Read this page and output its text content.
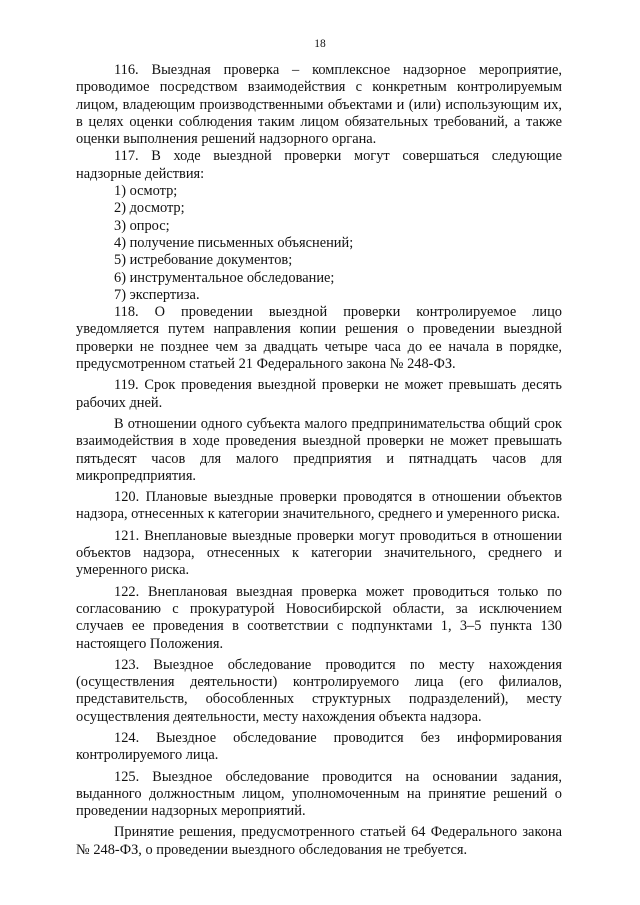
18

116. Выездная проверка – комплексное надзорное мероприятие, проводимое посредством взаимодействия с конкретным контролируемым лицом, владеющим производственными объектами и (или) использующим их, в целях оценки соблюдения таким лицом обязательных требований, а также оценки выполнения решений надзорного органа.

117. В ходе выездной проверки могут совершаться следующие надзорные действия:

1) осмотр;

2) досмотр;

3) опрос;

4) получение письменных объяснений;

5) истребование документов;

6) инструментальное обследование;

7) экспертиза.

118. О проведении выездной проверки контролируемое лицо уведомляется путем направления копии решения о проведении выездной проверки не позднее чем за двадцать четыре часа до ее начала в порядке, предусмотренном статьей 21 Федерального закона № 248-ФЗ.

119. Срок проведения выездной проверки не может превышать десять рабочих дней.

В отношении одного субъекта малого предпринимательства общий срок взаимодействия в ходе проведения выездной проверки не может превышать пятьдесят часов для малого предприятия и пятнадцать часов для микропредприятия.

120. Плановые выездные проверки проводятся в отношении объектов надзора, отнесенных к категории значительного, среднего и умеренного риска.

121. Внеплановые выездные проверки могут проводиться в отношении объектов надзора, отнесенных к категории значительного, среднего и умеренного риска.

122. Внеплановая выездная проверка может проводиться только по согласованию с прокуратурой Новосибирской области, за исключением случаев ее проведения в соответствии с подпунктами 1, 3–5 пункта 130 настоящего Положения.

123. Выездное обследование проводится по месту нахождения (осуществления деятельности) контролируемого лица (его филиалов, представительств, обособленных структурных подразделений), месту осуществления деятельности, месту нахождения объекта надзора.

124. Выездное обследование проводится без информирования контролируемого лица.

125. Выездное обследование проводится на основании задания, выданного должностным лицом, уполномоченным на принятие решений о проведении надзорных мероприятий.

Принятие решения, предусмотренного статьей 64 Федерального закона № 248-ФЗ, о проведении выездного обследования не требуется.
